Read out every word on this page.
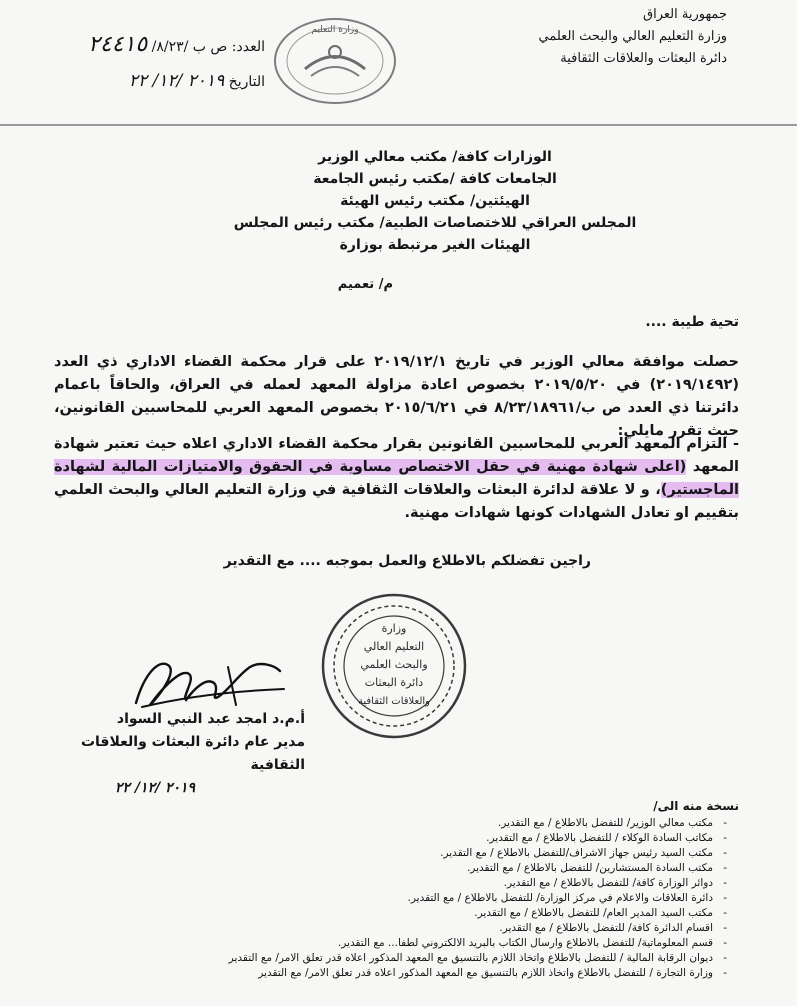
جمهورية العراق
وزارة التعليم العالي والبحث العلمي
دائرة البعثات والعلاقات الثقافية
العدد: ص ب /٨/٢٣/ ٢٤٤١٥
التاريخ ٢٠١٩ /١٢/ ٢٢
وزارة التعليم
الوزارات كافة/ مكتب معالي الوزير
الجامعات كافة /مكتب رئيس الجامعة
الهيئتين/ مكتب رئيس الهيئة
المجلس العراقي للاختصاصات الطبية/ مكتب رئيس المجلس
الهيئات الغير مرتبطة بوزارة
م/ تعميم
تحية طيبة ....
حصلت موافقة معالي الوزير في تاريخ ٢٠١٩/١٢/١ على قرار محكمة القضاء الاداري ذي العدد (٢٠١٩/١٤٩٢) في ٢٠١٩/٥/٢٠ بخصوص اعادة مزاولة المعهد لعمله في العراق، والحاقاً باعمام دائرتنا ذي العدد ص ب/٨/٢٣/١٨٩٦١ في ٢٠١٥/٦/٢١ بخصوص المعهد العربي للمحاسبين القانونين، حيث تقرر مايلي:
- التزام المعهد العربي للمحاسبين القانونين بقرار محكمة القضاء الاداري اعلاه حيث تعتبر شهادة المعهد (اعلى شهادة مهنية في حقل الاختصاص مساوية في الحقوق والامتيازات المالية لشهادة الماجستير)، و لا علاقة لدائرة البعثات والعلاقات الثقافية في وزارة التعليم العالي والبحث العلمي بتقييم او تعادل الشهادات كونها شهادات مهنية.
راجين تفضلكم بالاطلاع والعمل بموجبه .... مع التقدير
وزارة
التعليم العالي
والبحث العلمي
دائرة البعثات
والعلاقات الثقافية
أ.م.د امجد عبد النبي السواد
مدير عام دائرة البعثات والعلاقات الثقافية
٢٠١٩ /١٢/ ٢٢
نسخة منه الى/
- مكتب معالي الوزير/ للتفضل بالاطلاع / مع التقدير.
- مكاتب السادة الوكلاء / للتفضل بالاطلاع / مع التقدير.
- مكتب السيد رئيس جهاز الاشراف/للتفضل بالاطلاع / مع التقدير.
- مكتب السادة المستشارين/ للتفضل بالاطلاع / مع التقدير.
- دوائر الوزارة كافة/ للتفضل بالاطلاع / مع التقدير.
- دائرة العلاقات والاعلام في مركز الوزارة/ للتفضل بالاطلاع / مع التقدير.
- مكتب السيد المدير العام/ للتفضل بالاطلاع / مع التقدير.
- اقسام الدائرة كافة/ للتفضل بالاطلاع / مع التقدير.
- قسم المعلوماتية/ للتفضل بالاطلاع وارسال الكتاب بالبريد الالكتروني لطفا... مع التقدير.
- ديوان الرقابة المالية / للتفضل بالاطلاع واتخاذ اللازم بالتنسيق مع المعهد المذكور اعلاه قدر تعلق الامر/ مع التقدير
- وزارة التجارة / للتفضل بالاطلاع واتخاذ اللازم بالتنسيق مع المعهد المذكور اعلاه قدر تعلق الامر/ مع التقدير
